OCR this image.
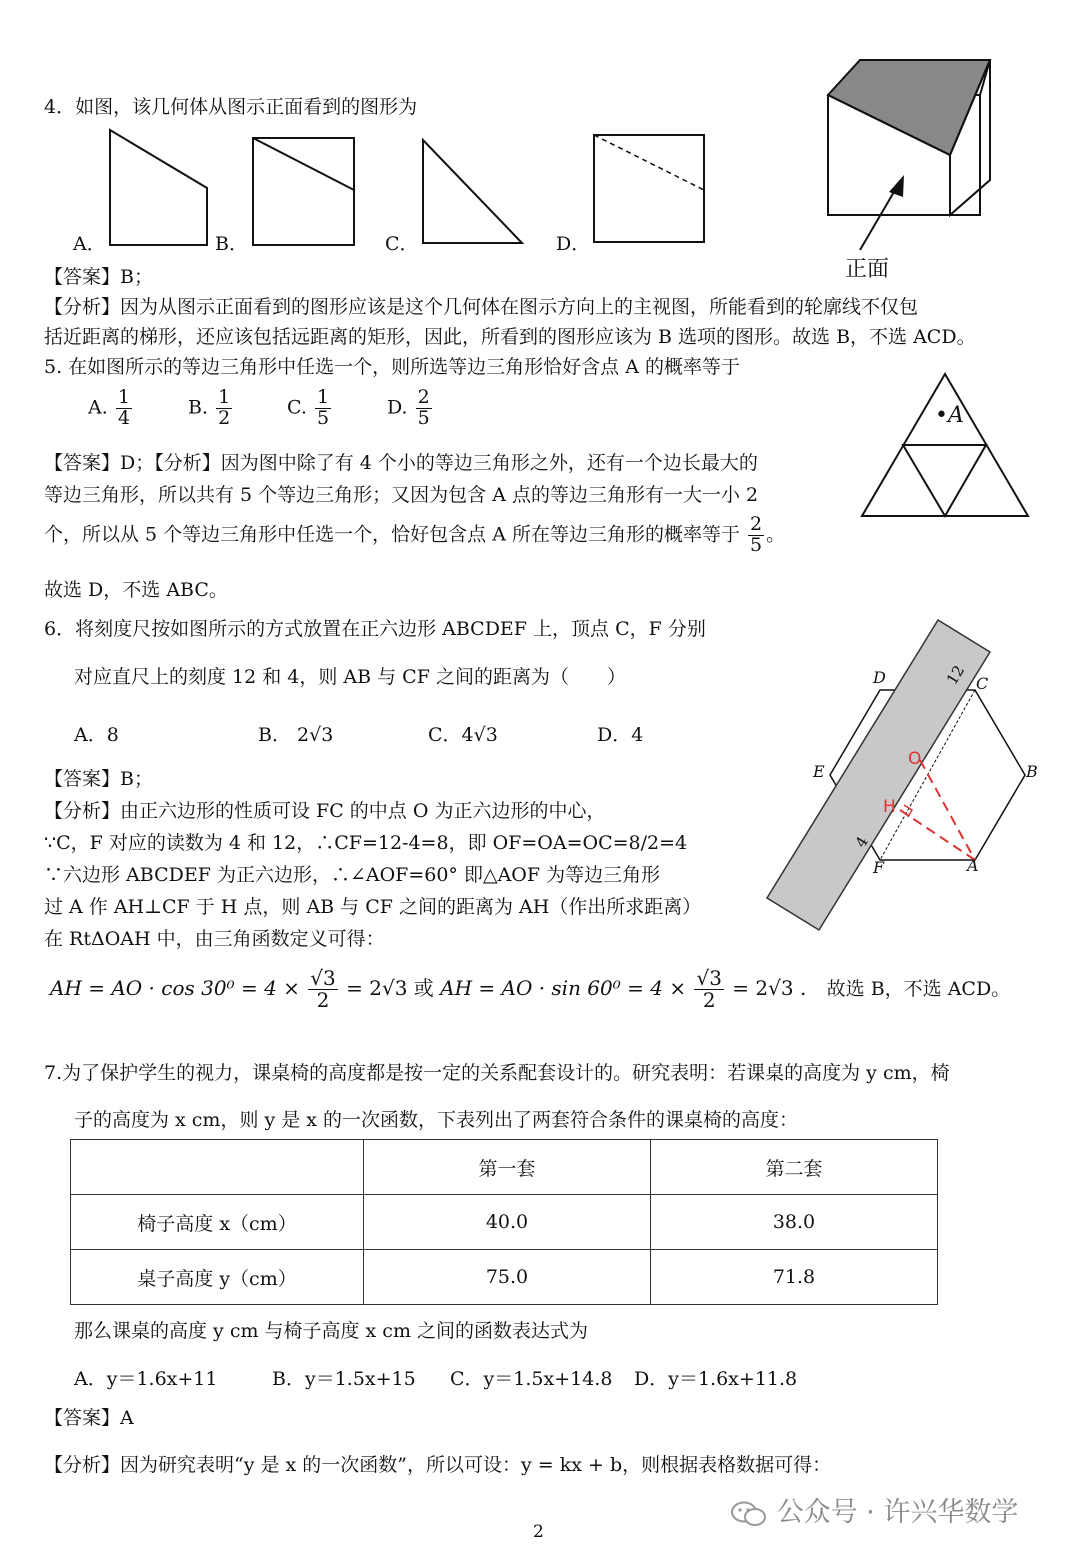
4．如图，该几何体从图示正面看到的图形为
A．	B．	C．	D．
正面
【答案】B；
【分析】因为从图示正面看到的图形应该是这个几何体在图示方向上的主视图，所能看到的轮廓线不仅包
括近距离的梯形，还应该包括远距离的矩形，因此，所看到的图形应该为 B 选项的图形。故选 B，不选 ACD。
5. 在如图所示的等边三角形中任选一个，则所选等边三角形恰好含点 A 的概率等于
A. $\frac{1}{4}$	B. $\frac{1}{2}$	C. $\frac{1}{5}$	D. $\frac{2}{5}$	•A
【答案】D；【分析】因为图中除了有 4 个小的等边三角形之外，还有一个边长最大的
等边三角形，所以共有 5 个等边三角形；又因为包含 A 点的等边三角形有一大一小 2
个，所以从 5 个等边三角形中任选一个，恰好包含点 A 所在等边三角形的概率等于 $\frac{2}{5}$ 。
故选 D，不选 ABC。
6．将刻度尺按如图所示的方式放置在正六边形 ABCDEF 上，顶点 C，F 分别
对应直尺上的刻度 12 和 4，则 AB 与 CF 之间的距离为（　　）
A．8	B． 2√3	C．4√3	D．4
D	C
E	B
F	A
O
H
12
4
【答案】B；
【分析】由正六边形的性质可设 FC 的中点 O 为正六边形的中心，
∵C，F 对应的读数为 4 和 12，∴CF=12-4=8，即 OF=OA=OC=8/2=4
∵六边形 ABCDEF 为正六边形，∴∠AOF=60° 即△AOF 为等边三角形
过 A 作 AH⊥CF 于 H 点，则 AB 与 CF 之间的距离为 AH（作出所求距离）
在 RtΔOAH 中，由三角函数定义可得：
AH = AO · $\cos 30^0 = 4 \times \frac{√3}{2} = 2√3$ 或 AH = AO · $\sin 60^0 = 4 \times \frac{√3}{2} = 2√3$ . 故选 B，不选 ACD。
7.为了保护学生的视力，课桌椅的高度都是按一定的关系配套设计的。研究表明：若课桌的高度为 y cm，椅
子的高度为 x cm，则 y 是 x 的一次函数，下表列出了两套符合条件的课桌椅的高度：
	第一套	第二套
椅子高度 x（cm）	40.0	38.0
桌子高度 y（cm）	75.0	71.8
那么课桌的高度 y cm 与椅子高度 x cm 之间的函数表达式为
A．y＝1.6x+11	B．y＝1.5x+15 C．y＝1.5x+14.8 D．y＝1.6x+11.8
【答案】A
【分析】因为研究表明“y 是 x 的一次函数”，所以可设：y = kx + b，则根据表格数据可得：
2
公众号 · 许兴华数学
